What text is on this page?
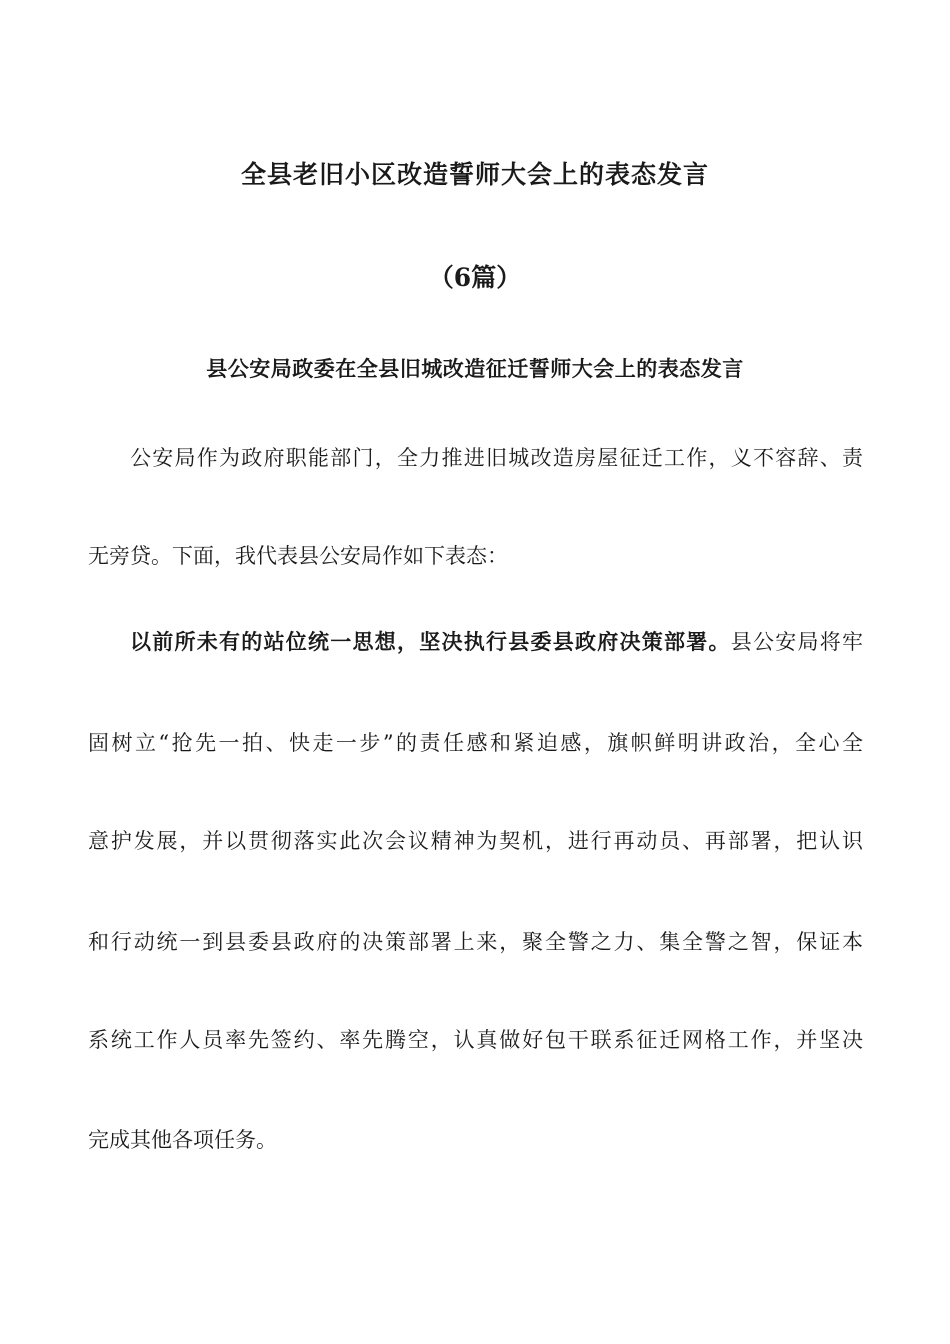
全县老旧小区改造誓师大会上的表态发言
（6篇）
县公安局政委在全县旧城改造征迁誓师大会上的表态发言
公安局作为政府职能部门，全力推进旧城改造房屋征迁工作，义不容辞、责
无旁贷。下面，我代表县公安局作如下表态：
以前所未有的站位统一思想，坚决执行县委县政府决策部署。县公安局将牢
固树立“抢先一拍、快走一步”的责任感和紧迫感，旗帜鲜明讲政治，全心全
意护发展，并以贯彻落实此次会议精神为契机，进行再动员、再部署，把认识
和行动统一到县委县政府的决策部署上来，聚全警之力、集全警之智，保证本
系统工作人员率先签约、率先腾空，认真做好包干联系征迁网格工作，并坚决
完成其他各项任务。
